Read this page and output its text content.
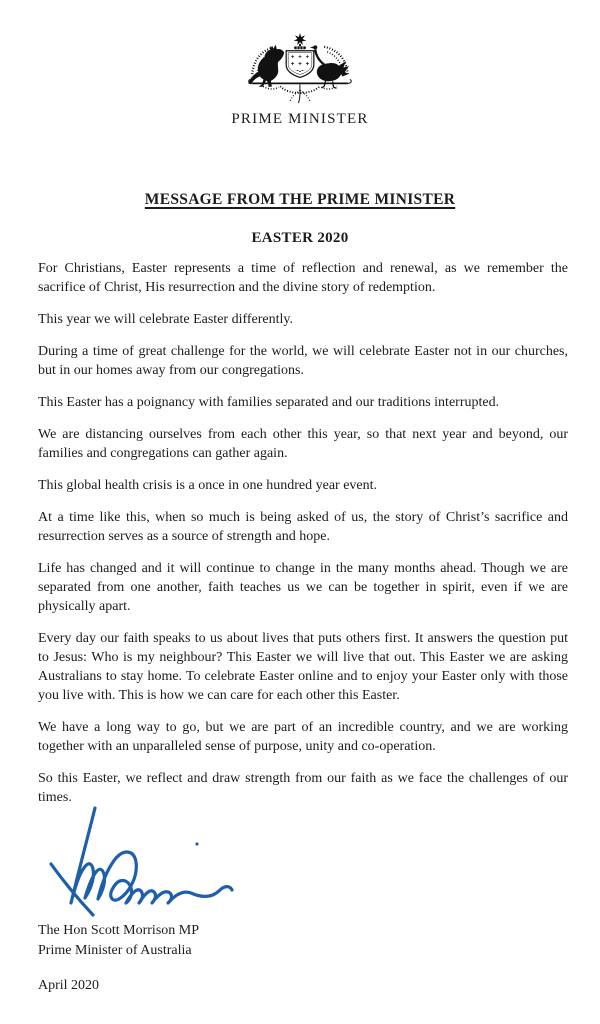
PRIME MINISTER
MESSAGE FROM THE PRIME MINISTER
EASTER 2020

For Christians, Easter represents a time of reflection and renewal, as we remember the sacrifice of Christ, His resurrection and the divine story of redemption.

This year we will celebrate Easter differently.

During a time of great challenge for the world, we will celebrate Easter not in our churches, but in our homes away from our congregations.

This Easter has a poignancy with families separated and our traditions interrupted.

We are distancing ourselves from each other this year, so that next year and beyond, our families and congregations can gather again.

This global health crisis is a once in one hundred year event.

At a time like this, when so much is being asked of us, the story of Christ’s sacrifice and resurrection serves as a source of strength and hope.

Life has changed and it will continue to change in the many months ahead. Though we are separated from one another, faith teaches us we can be together in spirit, even if we are physically apart.

Every day our faith speaks to us about lives that puts others first. It answers the question put to Jesus: Who is my neighbour? This Easter we will live that out. This Easter we are asking Australians to stay home. To celebrate Easter online and to enjoy your Easter only with those you live with. This is how we can care for each other this Easter.

We have a long way to go, but we are part of an incredible country, and we are working together with an unparalleled sense of purpose, unity and co-operation.

So this Easter, we reflect and draw strength from our faith as we face the challenges of our times.

The Hon Scott Morrison MP
Prime Minister of Australia
April 2020
